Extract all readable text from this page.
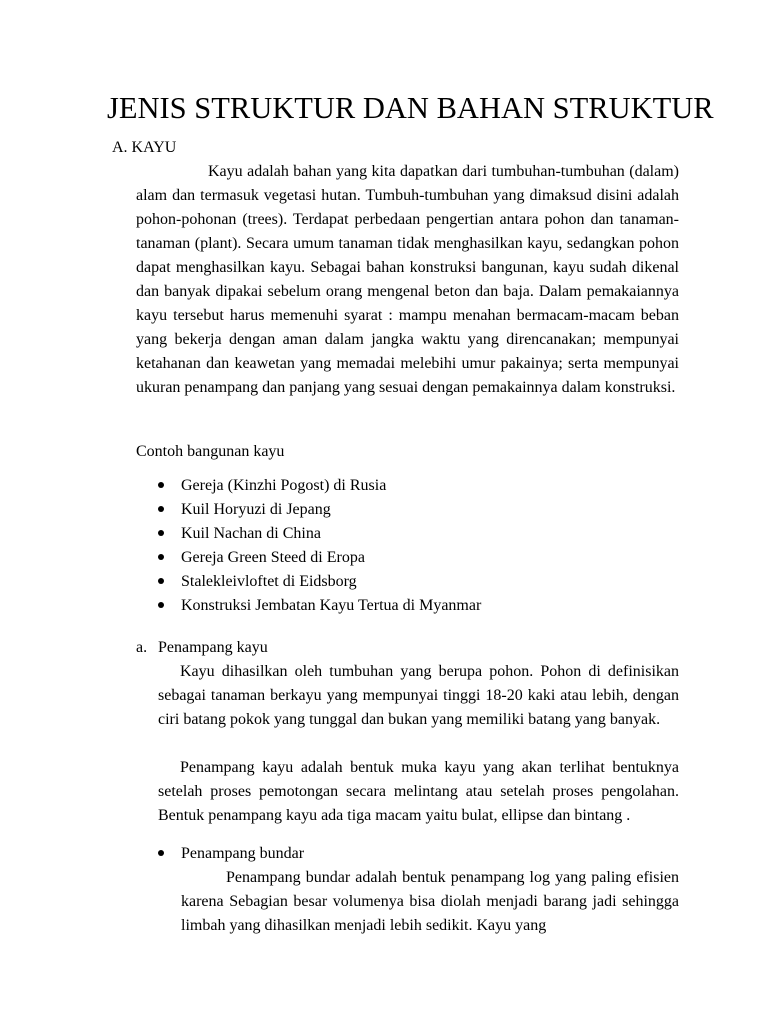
JENIS STRUKTUR DAN BAHAN STRUKTUR
A. KAYU

Kayu adalah bahan yang kita dapatkan dari tumbuhan-tumbuhan (dalam) alam dan termasuk vegetasi hutan. Tumbuh-tumbuhan yang dimaksud disini adalah pohon-pohonan (trees). Terdapat perbedaan pengertian antara pohon dan tanaman-tanaman (plant). Secara umum tanaman tidak menghasilkan kayu, sedangkan pohon dapat menghasilkan kayu. Sebagai bahan konstruksi bangunan, kayu sudah dikenal dan banyak dipakai sebelum orang mengenal beton dan baja. Dalam pemakaiannya kayu tersebut harus memenuhi syarat : mampu menahan bermacam-macam beban yang bekerja dengan aman dalam jangka waktu yang direncanakan; mempunyai ketahanan dan keawetan yang memadai melebihi umur pakainya; serta mempunyai ukuran penampang dan panjang yang sesuai dengan pemakainnya dalam konstruksi.

Contoh bangunan kayu
Gereja (Kinzhi Pogost) di Rusia
Kuil Horyuzi di Jepang
Kuil Nachan di China
Gereja Green Steed di Eropa
Stalekleivloftet di Eidsborg
Konstruksi Jembatan Kayu Tertua di Myanmar
a. Penampang kayu

Kayu dihasilkan oleh tumbuhan yang berupa pohon. Pohon di definisikan sebagai tanaman berkayu yang mempunyai tinggi 18-20 kaki atau lebih, dengan ciri batang pokok yang tunggal dan bukan yang memiliki batang yang banyak.

Penampang kayu adalah bentuk muka kayu yang akan terlihat bentuknya setelah proses pemotongan secara melintang atau setelah proses pengolahan. Bentuk penampang kayu ada tiga macam yaitu bulat, ellipse dan bintang .

Penampang bundar

Penampang bundar adalah bentuk penampang log yang paling efisien karena Sebagian besar volumenya bisa diolah menjadi barang jadi sehingga limbah yang dihasilkan menjadi lebih sedikit. Kayu yang
